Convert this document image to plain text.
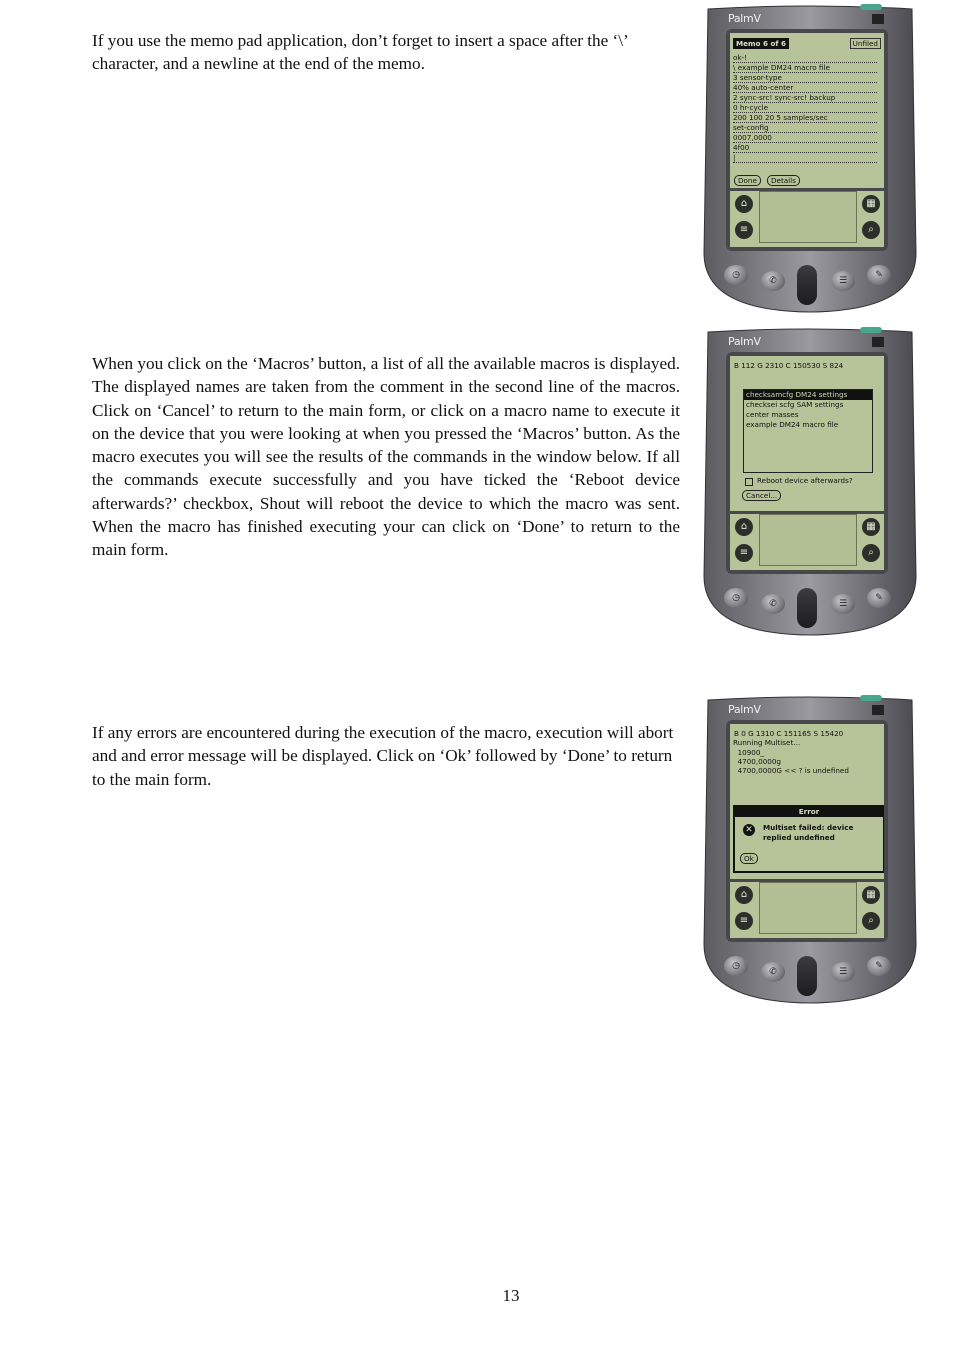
If you use the memo pad application, don’t forget to insert a space after the ‘\’ character, and a newline at the end of the memo.
When you click on the ‘Macros’ button, a list of all the available macros is displayed. The displayed names are taken from the comment in the second line of the macros. Click on ‘Cancel’ to return to the main form, or click on a macro name to execute it on the device that you were looking at when you pressed the ‘Macros’ button. As the macro executes you will see the results of the commands in the window below. If all the commands execute successfully and you have ticked the ‘Reboot device afterwards?’ checkbox, Shout will reboot the device to which the macro was sent. When the macro has finished executing your can click on ‘Done’ to return to the main form.
If any errors are encountered during the execution of the macro, execution will abort and and error message will be displayed. Click on ‘Ok’ followed by ‘Done’ to return to the main form.
13
PalmV
Memo 6 of 6	Unfiled
ok-!
\ example DM24 macro file
3 sensor-type
40% auto-center
2 sync-src! sync-src! backup
0 hr-cycle
200 100 20 5 samples/sec
set-config
0007,0000
4f00
|
Done	Details
⌂
≡
▦
⌕
◷
✆	☰
✎
PalmV
B 112 G 2310 C 150530 S 824
checksamcfg DM24 settings
checksei scfg SAM settings
center masses
example DM24 macro file
Reboot device afterwards?
Cancel...
⌂
≡
▦
⌕
◷
✆	☰
✎
PalmV
B 0 G 1310 C 151165 S 15420
Running Multiset...
10900_
4700,0000g
4700,0000G << ? is undefined
Error
✕	Multiset failed: device replied undefined
Ok
⌂
≡
▦
⌕
◷
✆	☰
✎
